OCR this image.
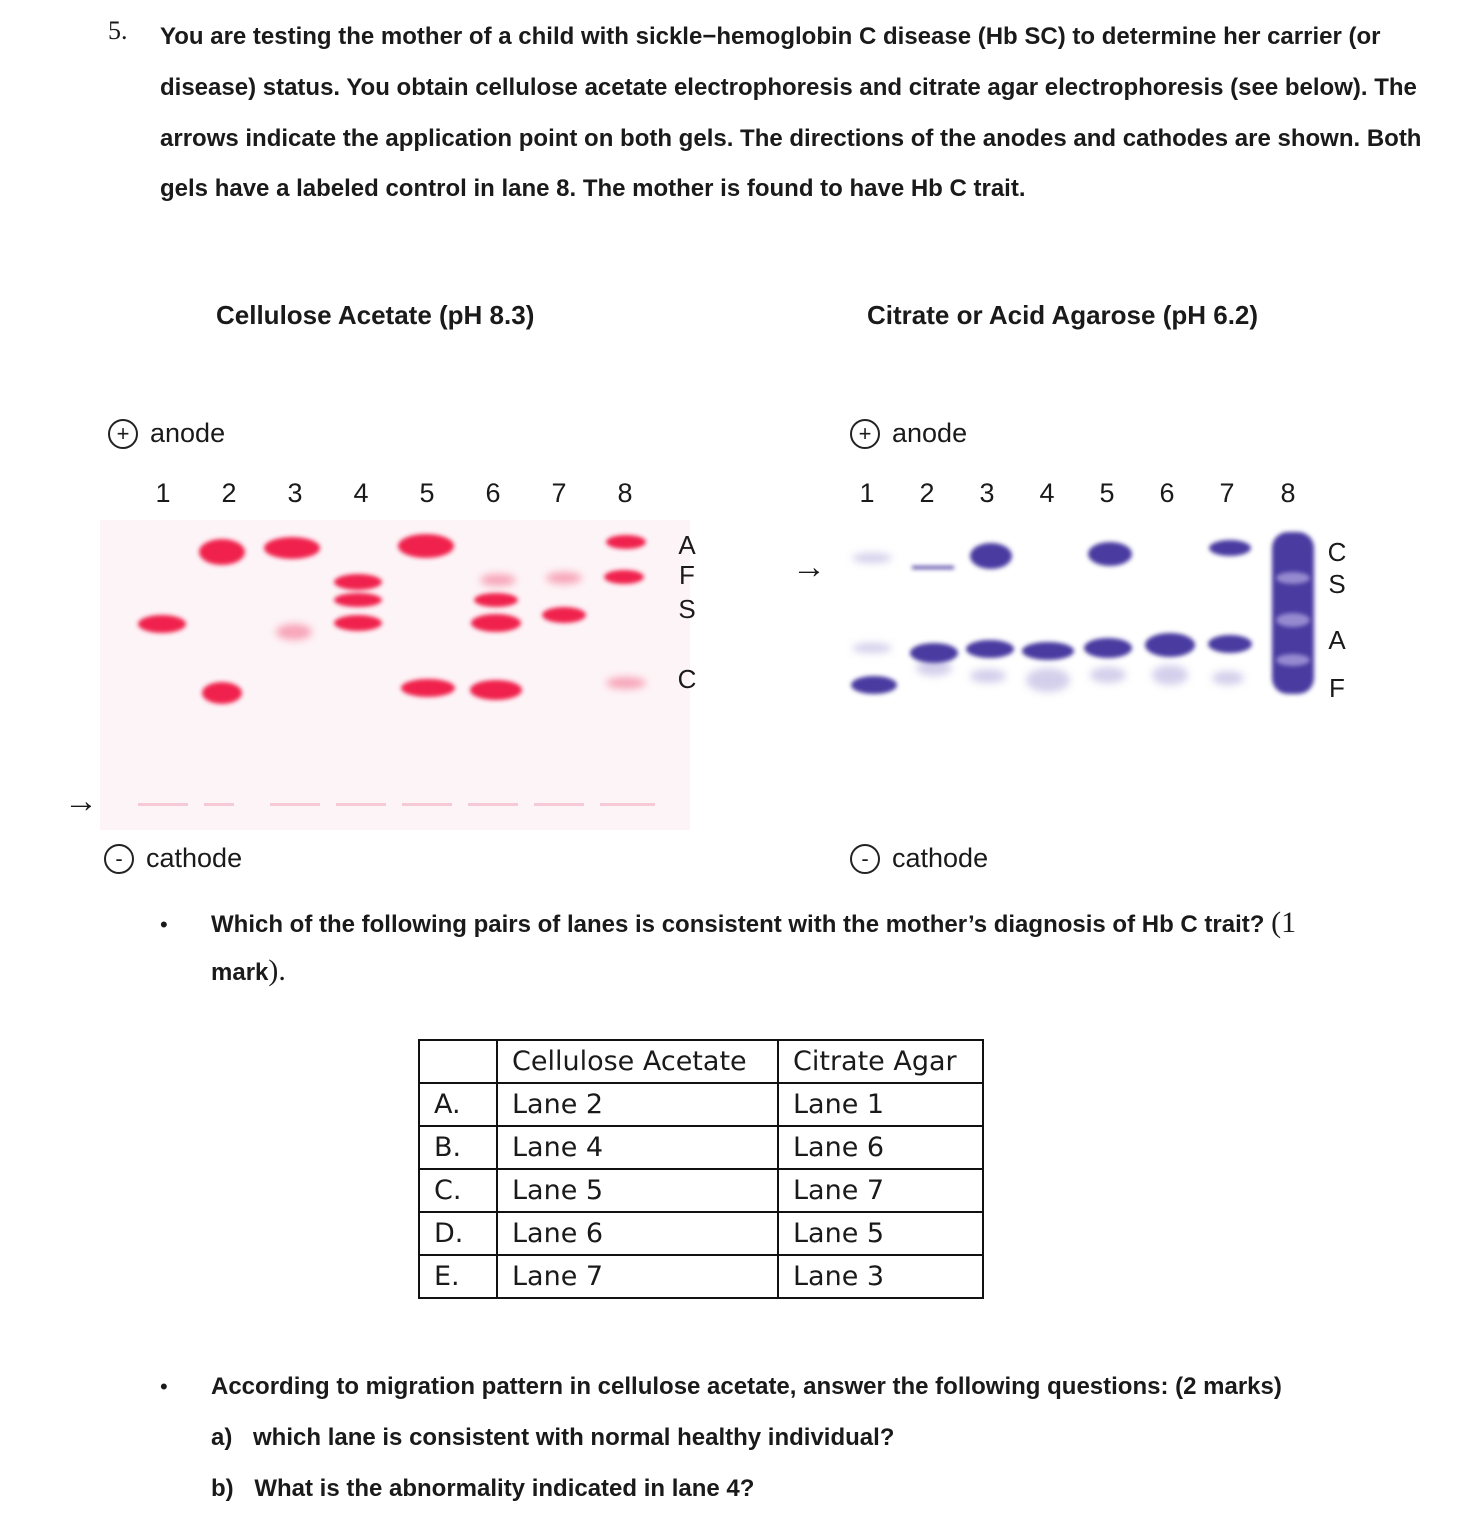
5. You are testing the mother of a child with sickle−hemoglobin C disease (Hb SC) to determine her carrier (or disease) status. You obtain cellulose acetate electrophoresis and citrate agar electrophoresis (see below). The arrows indicate the application point on both gels. The directions of the anodes and cathodes are shown. Both gels have a labeled control in lane 8. The mother is found to have Hb C trait.
Cellulose Acetate (pH 8.3)
+ anode
1 2 3 4 5 6 7 8
A
F
S
C
→
- cathode
Citrate or Acid Agarose (pH 6.2)
+ anode
1 2 3 4 5 6 7 8
→	C
S
A
F
- cathode
• Which of the following pairs of lanes is consistent with the mother’s diagnosis of Hb C trait? (1
mark).
	Cellulose Acetate	Citrate Agar
A.	Lane 2	Lane 1
B.	Lane 4	Lane 6
C.	Lane 5	Lane 7
D.	Lane 6	Lane 5
E.	Lane 7	Lane 3
• According to migration pattern in cellulose acetate, answer the following questions: (2 marks)
a) which lane is consistent with normal healthy individual?
b) What is the abnormality indicated in lane 4?
